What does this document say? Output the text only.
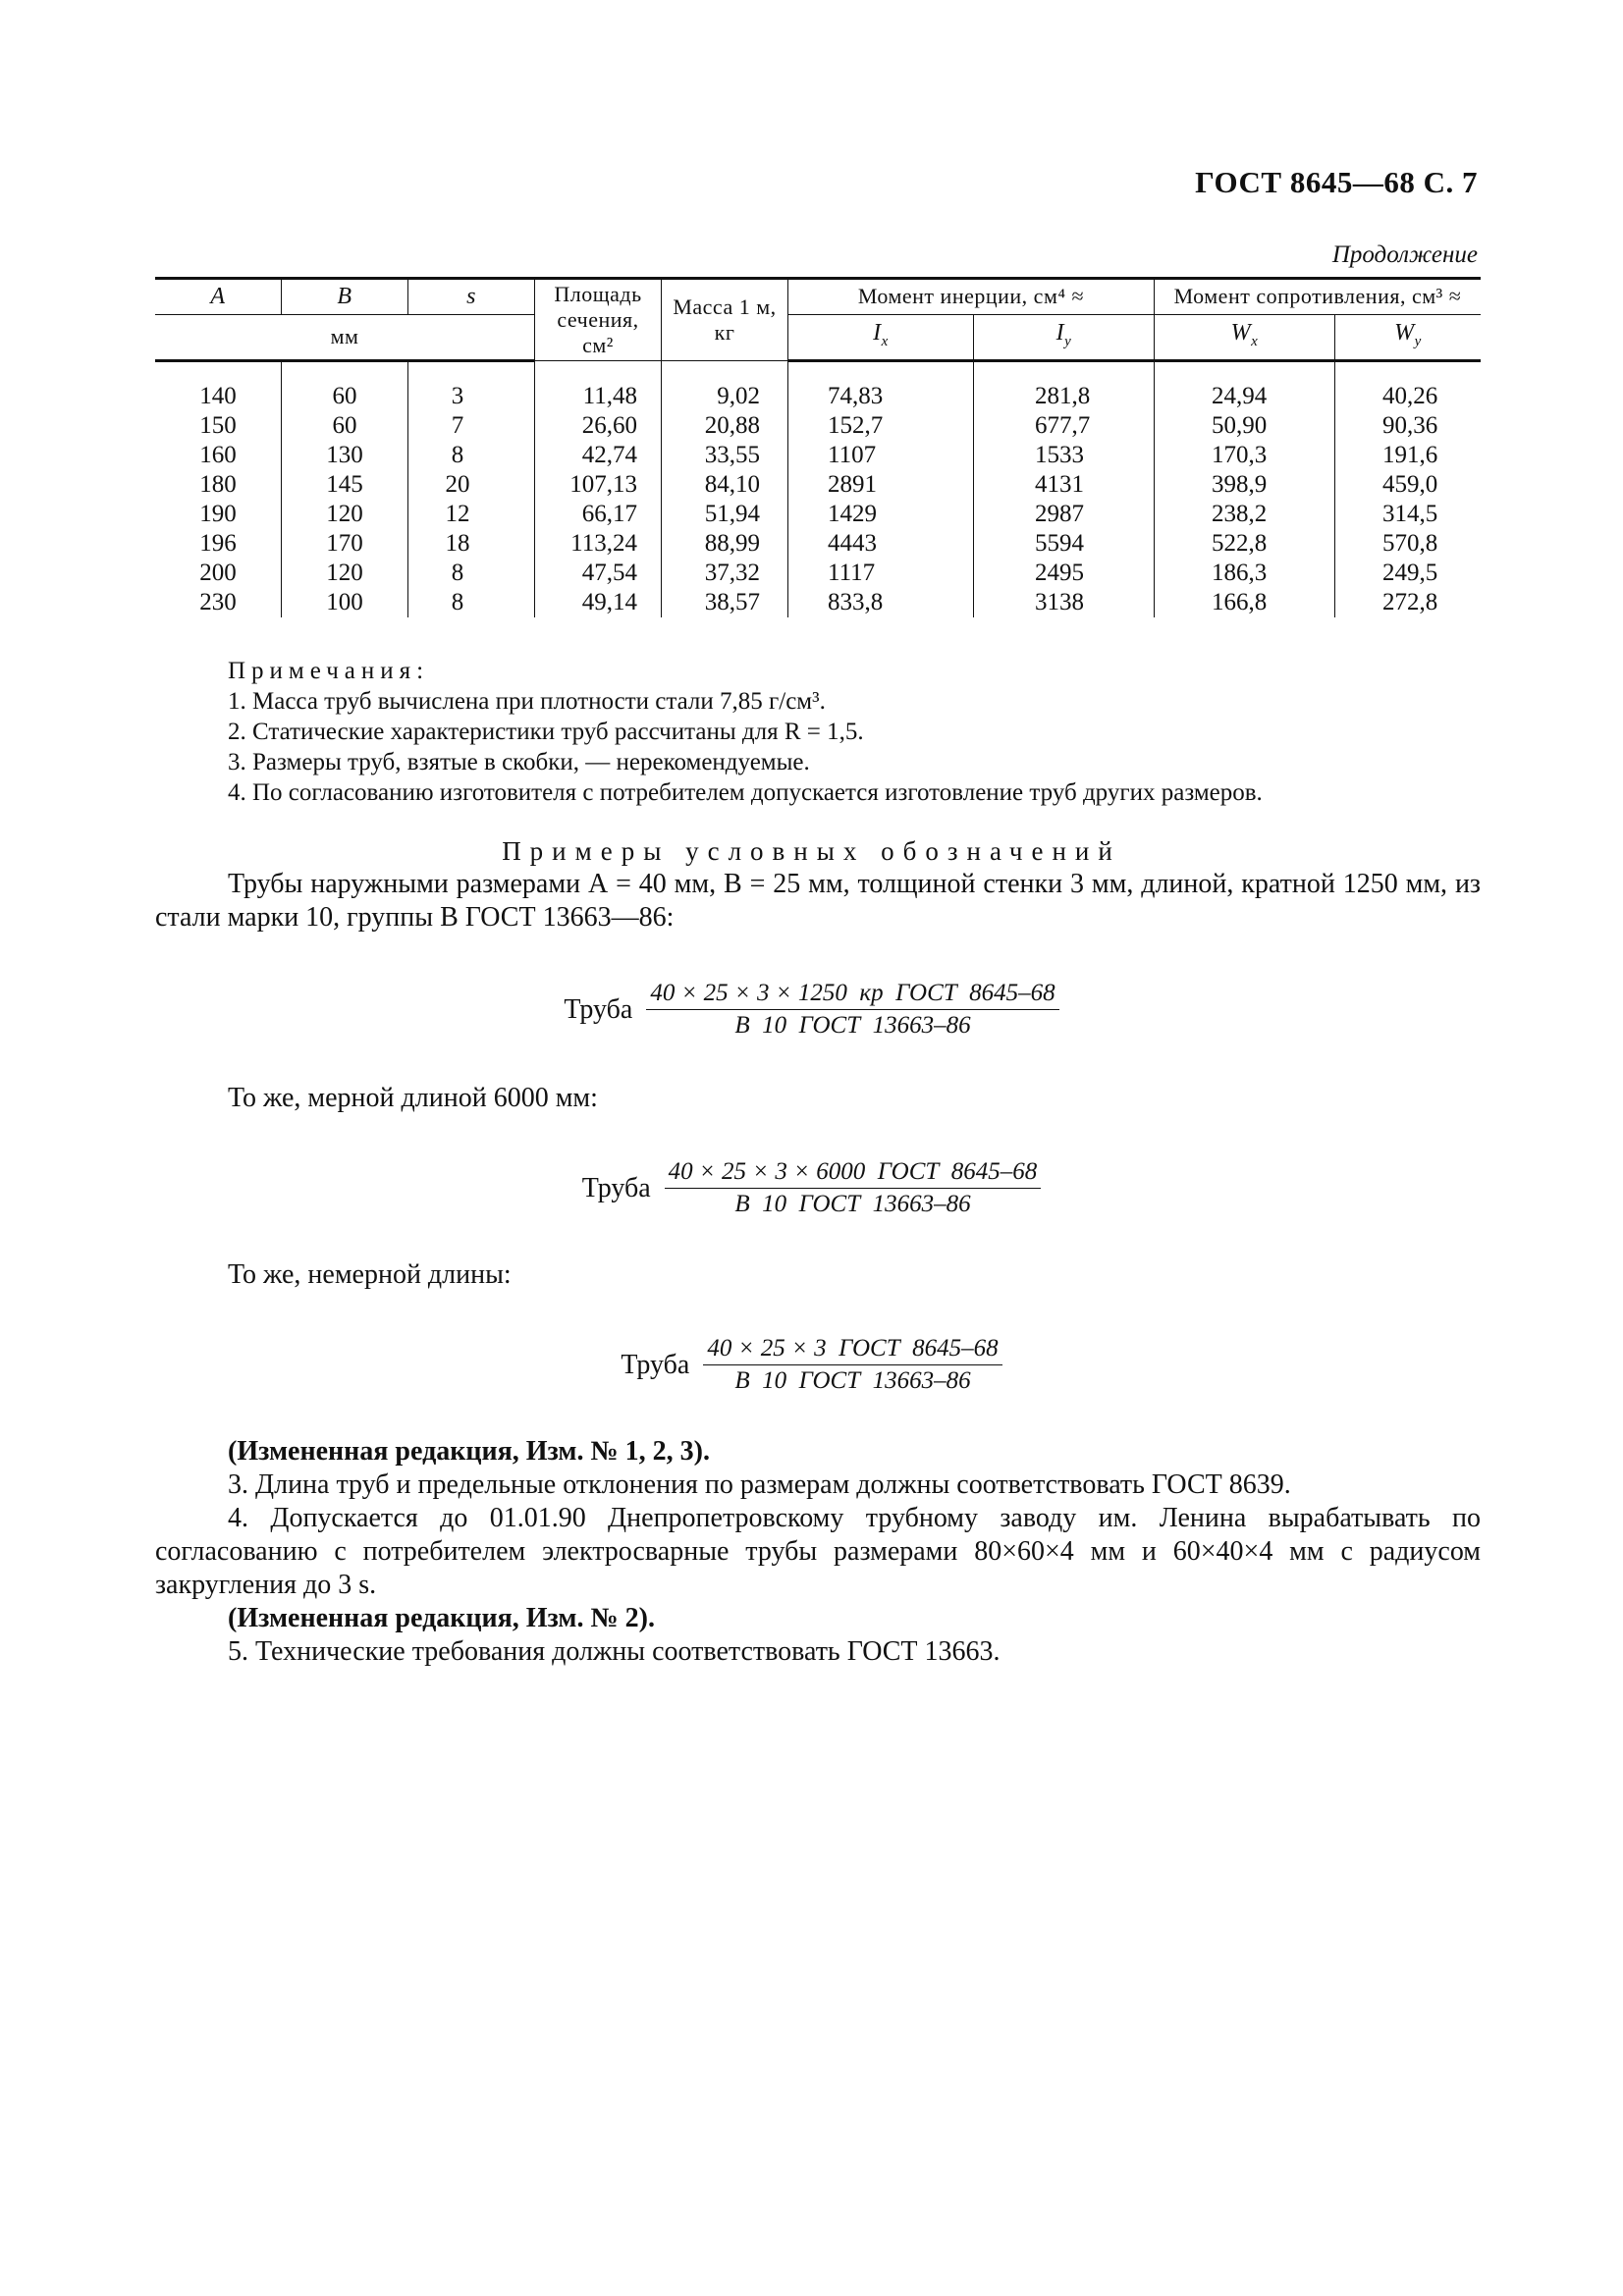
ГОСТ 8645—68 С. 7
Продолжение
A	B	s	Площадь сечения, см²	Масса 1 м, кг	Момент инерции, см⁴ ≈		Момент сопротивления, см³ ≈	
мм					$I_x$	$I_y$	$W_x$	$W_y$

140	60	3	11,48	9,02	74,83	281,8	24,94	40,26
150	60	7	26,60	20,88	152,7	677,7	50,90	90,36
160	130	8	42,74	33,55	1107	1533	170,3	191,6
180	145	20	107,13	84,10	2891	4131	398,9	459,0
190	120	12	66,17	51,94	1429	2987	238,2	314,5
196	170	18	113,24	88,99	4443	5594	522,8	570,8
200	120	8	47,54	37,32	1117	2495	186,3	249,5
230	100	8	49,14	38,57	833,8	3138	166,8	272,8
Примечания:
1. Масса труб вычислена при плотности стали 7,85 г/см³.
2. Статические характеристики труб рассчитаны для R = 1,5.
3. Размеры труб, взятые в скобки, — нерекомендуемые.
4. По согласованию изготовителя с потребителем допускается изготовление труб других размеров.
Примеры условных обозначений
Трубы наружными размерами А = 40 мм, В = 25 мм, толщиной стенки 3 мм, длиной, кратной 1250 мм, из стали марки 10, группы В ГОСТ 13663—86:
Труба $\frac{\text{40 × 25 × 3 × 1250  кр  ГОСТ  8645–68}}{\text{В  10  ГОСТ  13663–86}}$
То же, мерной длиной 6000 мм:
Труба $\frac{\text{40 × 25 × 3 × 6000  ГОСТ  8645–68}}{\text{В  10  ГОСТ  13663–86}}$
То же, немерной длины:
Труба $\frac{\text{40 × 25 × 3  ГОСТ  8645–68}}{\text{В  10  ГОСТ  13663–86}}$
(Измененная редакция, Изм. № 1, 2, 3).
3. Длина труб и предельные отклонения по размерам должны соответствовать ГОСТ 8639.
4. Допускается до 01.01.90 Днепропетровскому трубному заводу им. Ленина вырабатывать по согласованию с потребителем электросварные трубы размерами 80×60×4 мм и 60×40×4 мм с радиусом закругления до 3 s.
(Измененная редакция, Изм. № 2).
5. Технические требования должны соответствовать ГОСТ 13663.
